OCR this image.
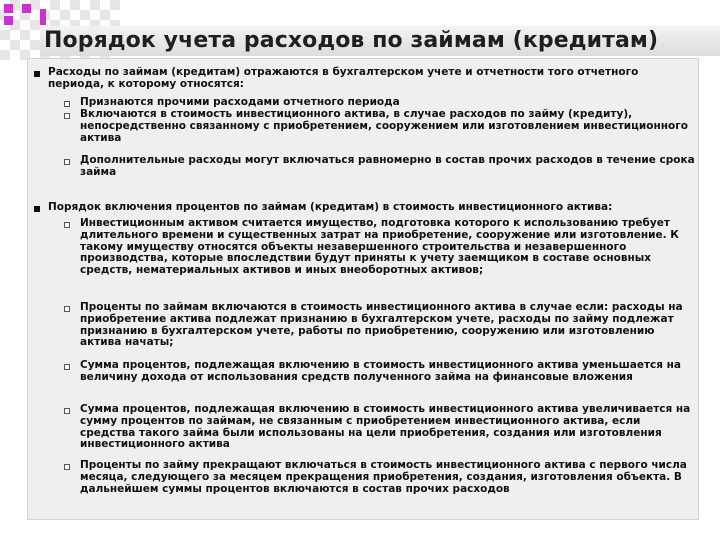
Порядок учета расходов по займам (кредитам)

Расходы по займам (кредитам) отражаются в бухгалтерском учете и отчетности того отчетного периода, к которому относятся:

Признаются прочими расходами отчетного периода

Включаются в стоимость инвестиционного актива, в случае расходов по займу (кредиту), непосредственно связанному с приобретением, сооружением или изготовлением инвестиционного актива

Дополнительные расходы могут включаться равномерно в состав прочих расходов в течение срока займа

Порядок включения процентов по займам (кредитам) в стоимость инвестиционного актива:

Инвестиционным активом считается имущество, подготовка которого к использованию требует длительного времени и существенных затрат на приобретение, сооружение или изготовление. К такому имуществу относятся объекты незавершенного строительства и незавершенного производства, которые впоследствии будут приняты к учету заемщиком в составе основных средств, нематериальных активов и иных внеоборотных активов;

Проценты по займам включаются в стоимость инвестиционного актива в случае если: расходы на приобретение актива подлежат признанию в бухгалтерском учете, расходы по займу подлежат признанию в бухгалтерском учете, работы по приобретению, сооружению или изготовлению актива начаты;

Сумма процентов, подлежащая включению в стоимость инвестиционного актива уменьшается на величину дохода от использования средств полученного займа на финансовые вложения

Сумма процентов, подлежащая включению в стоимость инвестиционного актива увеличивается на сумму процентов по займам, не связанным с приобретением инвестиционного актива, если средства такого займа были использованы на цели приобретения, создания или изготовления инвестиционного актива

Проценты по займу прекращают включаться в стоимость инвестиционного актива с первого числа месяца, следующего за месяцем прекращения приобретения, создания, изготовления объекта. В дальнейшем суммы процентов включаются в состав прочих расходов
